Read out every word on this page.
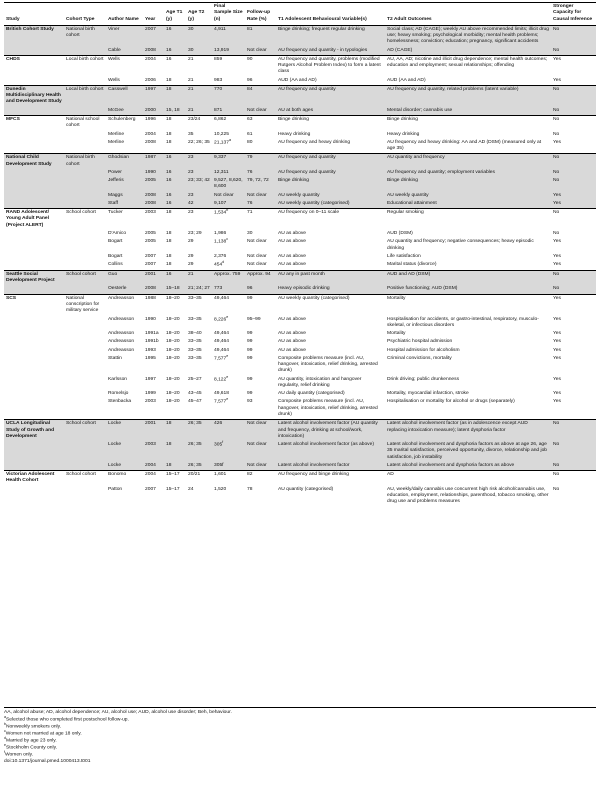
Study	Cohort Type	Author Name	Year	Age T1 (y)	Age T2 (y)	Final Sample Size (n)	Follow-up Rate (%)	T1 Adolescent Behavioural Variable(s)	T2 Adult Outcomes	Stronger Capacity for Causal Inference
British Cohort Study	National birth cohort	Viner	2007	16	30	4,911	81	Binge drinking; frequent regular drinking	Social class; AD (CAGE); weekly AU above recommended limits; illicit drug use; heavy smoking; psychological morbidity; mental health problems; homelessness; conviction; education; pregnancy, significant accidents	No
		Cable	2008	16	30	13,919	Not clear	AU frequency and quantity - in typologies	AD (CAGE)	No
CHDS	Local birth cohort	Wells	2004	16	21	859	90	AU frequency and quantity, problems (modified Rutgers Alcohol Problem Index) to form a latent class	AU, AA, AD; nicotine and illicit drug dependence; mental health outcomes; education and employment; sexual relationships; offending	Yes
		Wells	2006	18	21	983	96	AUD (AA and AD)	AUD (AA and AD)	Yes
Dunedin Multidisciplinary Health and Development Study	Local birth cohort	Casswell	1997	18	21	770	84	AU frequency and quantity	AU frequency and quantity, related problems (latent variable)	No
		McGee	2000	15, 18	21	871	Not clear	AU at both ages	Mental disorder; cannabis use	No
MFCS	National school cohort	Schulenberg	1996	18	23/24	6,862	63	Binge drinking	Binge drinking	No
		Merline	2004	18	35	10,225	61	Heavy drinking	Heavy drinking	No
		Merline	2008	18	22; 26; 35	21,137$^a$	80	AU frequency and heavy drinking	AU frequency and heavy drinking: AA and AD (DSM) (measured only at age 35)	Yes
National Child Development Study	National birth cohort	Ghodsian	1987	16	23	9,337	79	AU frequency and quantity	AU quantity and frequency	No
		Power	1990	16	23	12,311	76	AU frequency and quantity	AU frequency and quantity; employment variables	No
		Jefferis	2005	16	23; 33; 42	9,527, 8,620, 8,600	79, 72, 72	Binge drinking	Binge drinking	No
		Maggs	2008	16	23	Not clear	Not clear	AU weekly quantity	AU weekly quantity	Yes
		Staff	2008	16	42	9,107	76	AU weekly quantity (categorised)	Educational attainment	Yes
RAND Adolescent/ Young Adult Panel (Project ALERT)	School cohort	Tucker	2003	18	23	1,534$^b$	71	AU frequency on 0–11 scale	Regular smoking	No
		D'Amico	2005	18	23; 29	1,986	30	AU as above	AUD (DSM)	No
		Bogart	2005	18	29	1,138$^c$	Not clear	AU as above	AU quantity and frequency; negative consequences; heavy episodic drinking	Yes
		Bogart	2007	18	29	2,376	Not clear	AU as above	Life satisfaction	Yes
		Collins	2007	18	29	454$^d$	Not clear	AU as above	Marital status (divorce)	Yes
Seattle Social Development Project	School cohort	Guo	2001	16	21	Approx. 759	Approx. 94	AU any in past month	AUD and AD (DSM)	No
		Oesterle	2008	15–18	21; 24; 27	773	96	Heavy episodic drinking	Positive functioning; AUD (DSM)	No
SCS	National conscription for military service	Andreasson	1988	18–20	33–35	49,464	99	AU weekly quantity (categorised)	Mortality	Yes
		Andreasson	1990	18–20	33–35	8,226e	95–99	AU as above	Hospitalisation for accidents, or gastro-intestinal, respiratory, musculo-skeletal, or infectious disorders	Yes
		Andreasson	1991a	18–20	38–40	49,464	99	AU as above	Mortality	Yes
		Andreasson	1991b	18–20	33–35	49,464	99	AU as above	Psychiatric hospital admission	Yes
		Andreasson	1993	18–20	33–35	49,464	99	AU as above	Hospital admission for alcoholism	Yes
		Stattin	1995	18–20	33–35	7,577e	99	Composite problems measure (incl. AU, hangover, intoxication, relief drinking, arrested drunk)	Criminal convictions, mortality	Yes
		Karlsson	1997	18–20	25–27	8,122e	99	AU quantity, intoxication and hangover regularity, relief drinking	Drink driving; public drunkenness	Yes
		Romelsjo	1999	18–20	43–45	49,618	99	AU daily quantity (categorised)	Mortality, myocardial infarction, stroke	Yes
		Stenbacka	2003	18–20	45–47	7,577e	93	Composite problems measure (incl. AU, hangover, intoxication, relief drinking, arrested drunk)	Hospitalisation or mortality for alcohol or drugs (separately)	Yes
UCLA Longitudinal Study of Growth and Development	School cohort	Locke	2001	18	26; 35	426	Not clear	Latent alcohol involvement factor (AU quantity and frequency, drinking at school/work, intoxication)	Latent alcohol involvement factor (as in adolescence except AUD replacing intoxication measure); latent dysphoria factor	No
		Locke	2003	18	26; 35	305$^f$	Not clear	Latent alcohol involvement factor (as above)	Latent alcohol involvement and dysphoria factors as above at age 26, age 35 marital satisfaction, perceived opportunity, divorce, relationship and job satisfaction, job instability	No
		Locke	2004	18	26; 35	305f	Not clear	Latent alcohol involvement factor	Latent alcohol involvement and dysphoria factors as above	No
Victorian Adolescent Health Cohort	School cohort	Bonomo	2004	15–17	20/21	1,601	82	AU frequency and binge drinking	AD	No
		Patton	2007	15–17	24	1,520	78	AU quantity (categorised)	AU, weekly/daily cannabis use concurrent high risk alcohol/cannabis use, education, employment, relationships, parenthood, tobacco smoking, other drug use and problems measures	No
AA, alcohol abuse; AD, alcohol dependence; AU, alcohol use; AUD, alcohol use disorder; Beh, behaviour.
$^a$Selected those who completed first postschool follow-up.
$^b$Nonweekly smokers only.
$^c$Women not married at age 18 only.
$^d$Married by age 23 only.
$^e$Stockholm County only.
$^f$Women only.
doi:10.1371/journal.pmed.1000413.t001
